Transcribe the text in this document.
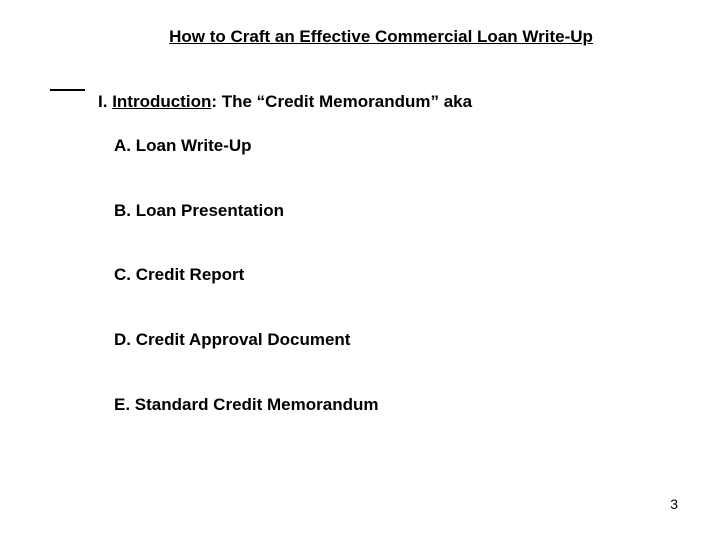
How to Craft an Effective Commercial Loan Write-Up
I. Introduction: The “Credit Memorandum” aka
A. Loan Write-Up
B. Loan Presentation
C. Credit Report
D. Credit Approval Document
E. Standard Credit Memorandum
3
